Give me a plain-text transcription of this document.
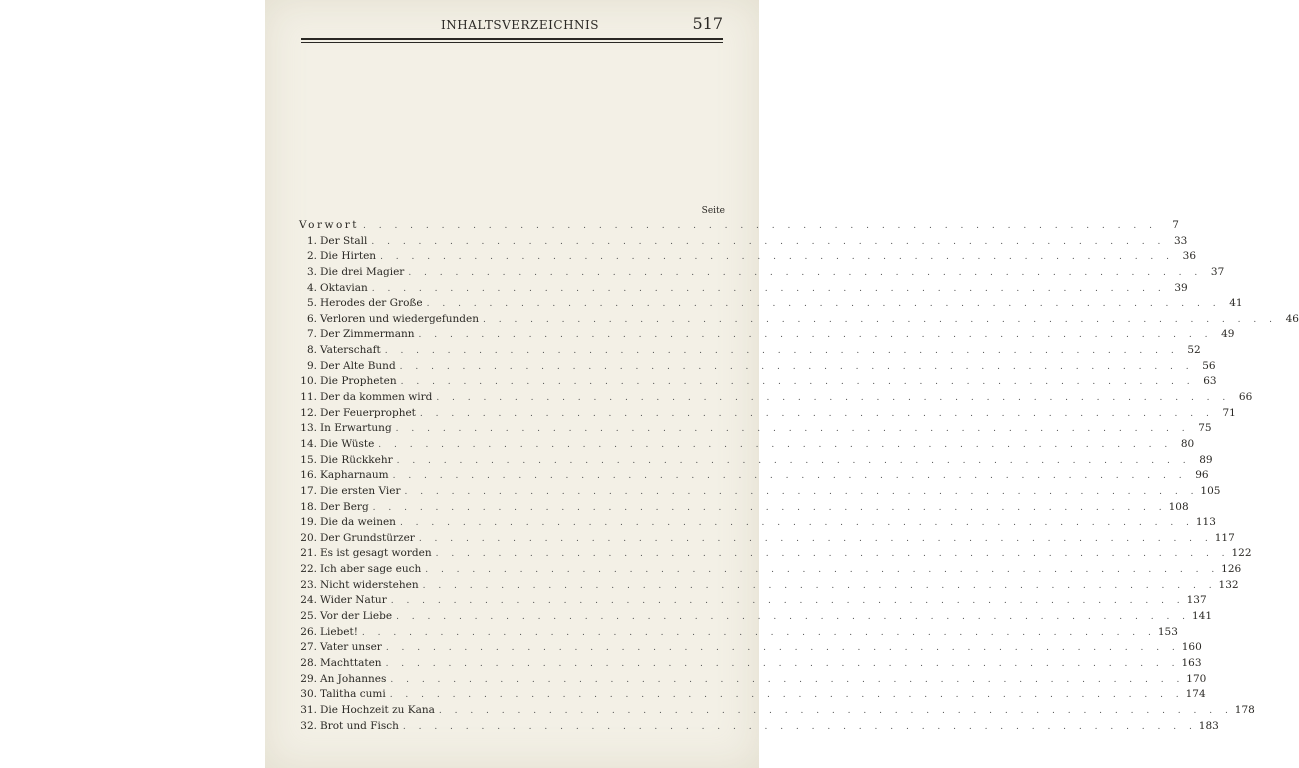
INHALTSVERZEICHNIS	517
Seite
Vorwort . . . . . . . . . . . . . . . . . . . . . . . . . . . . . . . . . . . . . . . . . . . . . . . . . . .	7
1. Der Stall . . . . . . . . . . . . . . . . . . . . . . . . . . . . . . . . . . . . . . . . . . . . . . . . . . . 33
2. Die Hirten . . . . . . . . . . . . . . . . . . . . . . . . . . . . . . . . . . . . . . . . . . . . . . . . . . . 36
3. Die drei Magier . . . . . . . . . . . . . . . . . . . . . . . . . . . . . . . . . . . . . . . . . . . . . . . . . . . 37
4. Oktavian . . . . . . . . . . . . . . . . . . . . . . . . . . . . . . . . . . . . . . . . . . . . . . . . . . . 39
5. Herodes der Große . . . . . . . . . . . . . . . . . . . . . . . . . . . . . . . . . . . . . . . . . . . . . . . . . . . 41
6. Verloren und wiedergefunden . . . . . . . . . . . . . . . . . . . . . . . . . . . . . . . . . . . . . . . . . . . . . . . . . . . 46
7. Der Zimmermann . . . . . . . . . . . . . . . . . . . . . . . . . . . . . . . . . . . . . . . . . . . . . . . . . . . 49
8. Vaterschaft . . . . . . . . . . . . . . . . . . . . . . . . . . . . . . . . . . . . . . . . . . . . . . . . . . . 52
9. Der Alte Bund . . . . . . . . . . . . . . . . . . . . . . . . . . . . . . . . . . . . . . . . . . . . . . . . . . . 56
10. Die Propheten . . . . . . . . . . . . . . . . . . . . . . . . . . . . . . . . . . . . . . . . . . . . . . . . . . . 63
11. Der da kommen wird . . . . . . . . . . . . . . . . . . . . . . . . . . . . . . . . . . . . . . . . . . . . . . . . . . . 66
12. Der Feuerprophet . . . . . . . . . . . . . . . . . . . . . . . . . . . . . . . . . . . . . . . . . . . . . . . . . . . 71
13. In Erwartung . . . . . . . . . . . . . . . . . . . . . . . . . . . . . . . . . . . . . . . . . . . . . . . . . . . 75
14. Die Wüste . . . . . . . . . . . . . . . . . . . . . . . . . . . . . . . . . . . . . . . . . . . . . . . . . . . 80
15. Die Rückkehr . . . . . . . . . . . . . . . . . . . . . . . . . . . . . . . . . . . . . . . . . . . . . . . . . . . 89
16. Kapharnaum . . . . . . . . . . . . . . . . . . . . . . . . . . . . . . . . . . . . . . . . . . . . . . . . . . . 96
17. Die ersten Vier . . . . . . . . . . . . . . . . . . . . . . . . . . . . . . . . . . . . . . . . . . . . . . . . . . . 105
18. Der Berg . . . . . . . . . . . . . . . . . . . . . . . . . . . . . . . . . . . . . . . . . . . . . . . . . . . 108
19. Die da weinen . . . . . . . . . . . . . . . . . . . . . . . . . . . . . . . . . . . . . . . . . . . . . . . . . . . 113
20. Der Grundstürzer . . . . . . . . . . . . . . . . . . . . . . . . . . . . . . . . . . . . . . . . . . . . . . . . . . . 117
21. Es ist gesagt worden . . . . . . . . . . . . . . . . . . . . . . . . . . . . . . . . . . . . . . . . . . . . . . . . . . . 122
22. Ich aber sage euch . . . . . . . . . . . . . . . . . . . . . . . . . . . . . . . . . . . . . . . . . . . . . . . . . . . 126
23. Nicht widerstehen . . . . . . . . . . . . . . . . . . . . . . . . . . . . . . . . . . . . . . . . . . . . . . . . . . . 132
24. Wider Natur . . . . . . . . . . . . . . . . . . . . . . . . . . . . . . . . . . . . . . . . . . . . . . . . . . . 137
25. Vor der Liebe . . . . . . . . . . . . . . . . . . . . . . . . . . . . . . . . . . . . . . . . . . . . . . . . . . . 141
26. Liebet! . . . . . . . . . . . . . . . . . . . . . . . . . . . . . . . . . . . . . . . . . . . . . . . . . . . 153
27. Vater unser . . . . . . . . . . . . . . . . . . . . . . . . . . . . . . . . . . . . . . . . . . . . . . . . . . . 160
28. Machttaten . . . . . . . . . . . . . . . . . . . . . . . . . . . . . . . . . . . . . . . . . . . . . . . . . . . 163
29. An Johannes . . . . . . . . . . . . . . . . . . . . . . . . . . . . . . . . . . . . . . . . . . . . . . . . . . . 170
30. Talitha cumi . . . . . . . . . . . . . . . . . . . . . . . . . . . . . . . . . . . . . . . . . . . . . . . . . . . 174
31. Die Hochzeit zu Kana . . . . . . . . . . . . . . . . . . . . . . . . . . . . . . . . . . . . . . . . . . . . . . . . . . . 178
32. Brot und Fisch . . . . . . . . . . . . . . . . . . . . . . . . . . . . . . . . . . . . . . . . . . . . . . . . . . . 183
